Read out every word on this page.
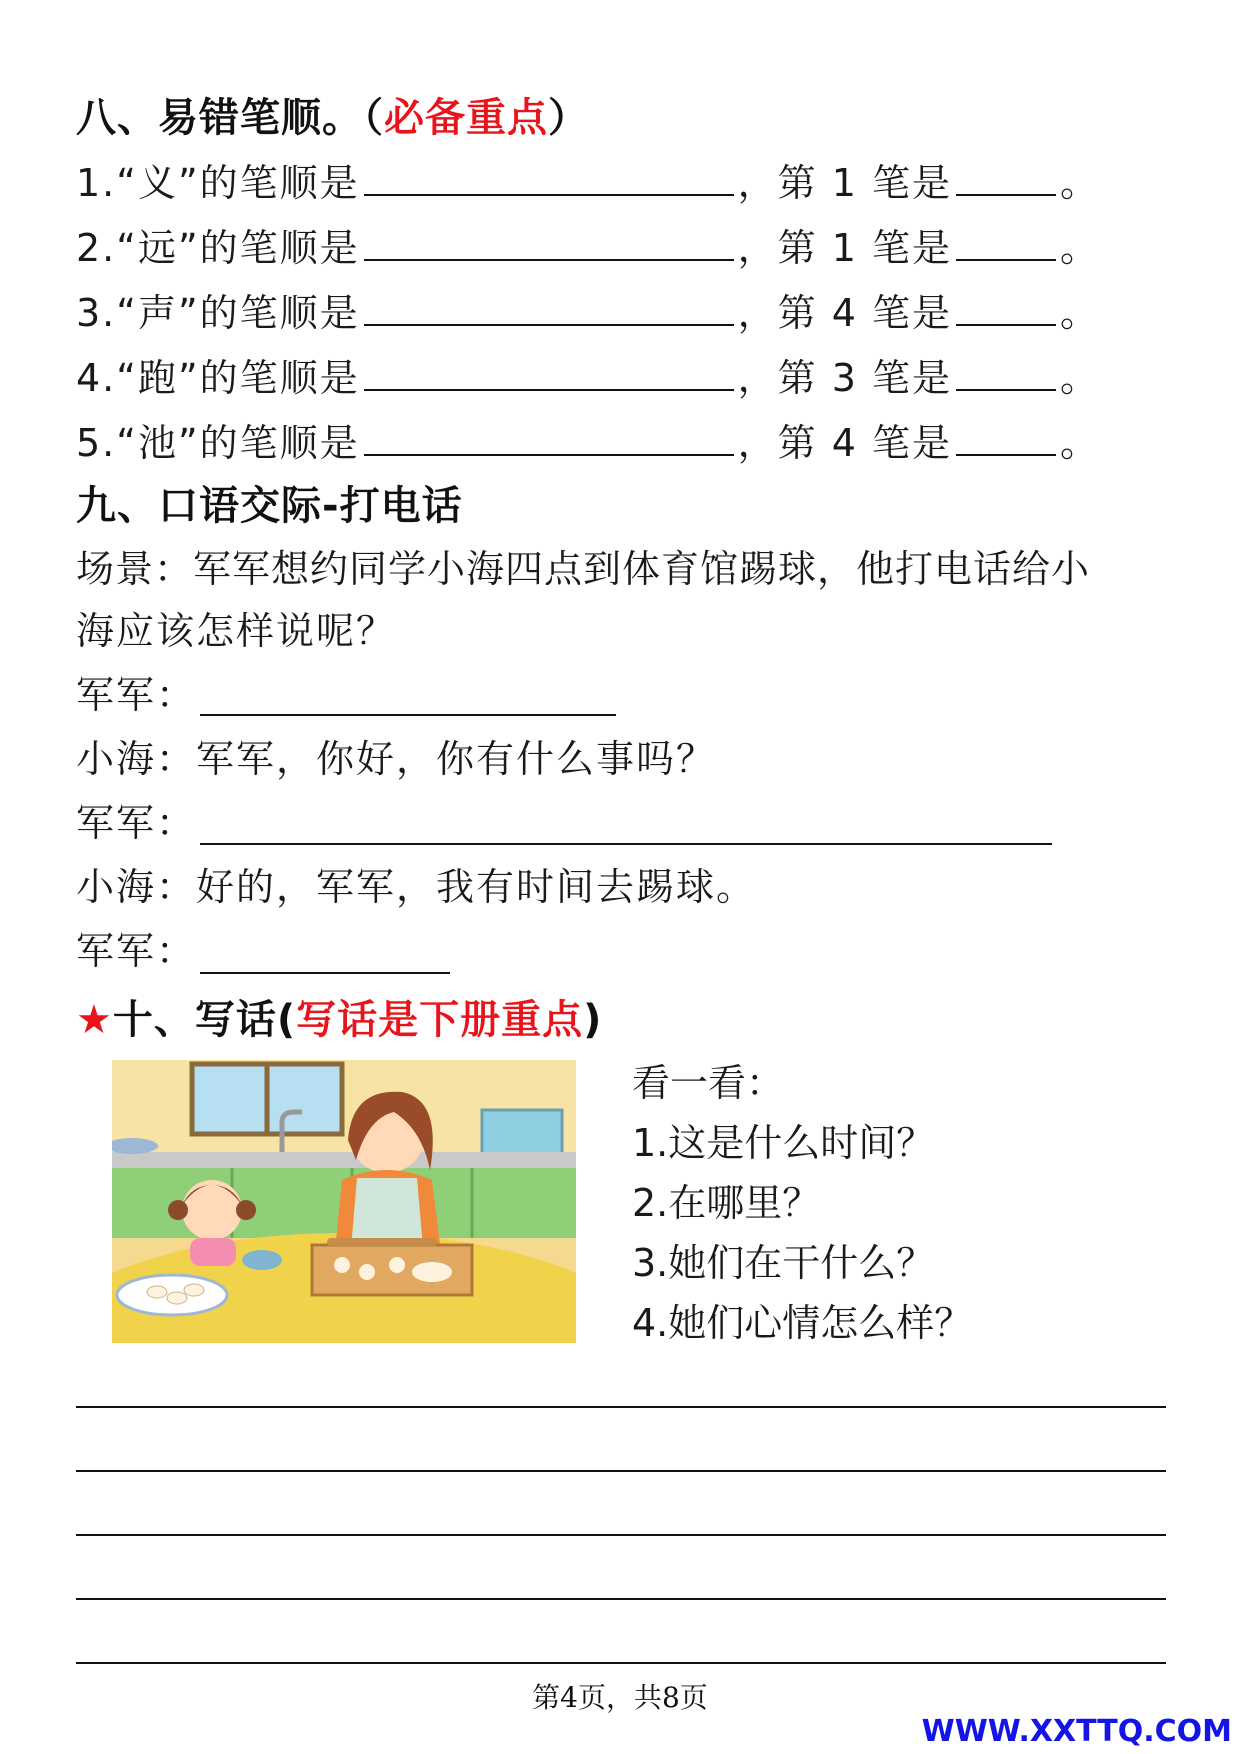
八、易错笔顺。（必备重点）
1.“义”的笔顺是	，第 1 笔是	。
2.“远”的笔顺是	，第 1 笔是	。
3.“声”的笔顺是	，第 4 笔是	。
4.“跑”的笔顺是	，第 3 笔是	。
5.“池”的笔顺是	，第 4 笔是	。
九、口语交际-打电话
场景：军军想约同学小海四点到体育馆踢球，他打电话给小
海应该怎样说呢？
军军：
小海：军军，你好，你有什么事吗？
军军：
小海：好的，军军，我有时间去踢球。
军军：
★十、写话(写话是下册重点)
看一看：
1.这是什么时间？
2.在哪里？
3.她们在干什么？
4.她们心情怎么样？
第4页，共8页
WWW.XXTTQ.COM
